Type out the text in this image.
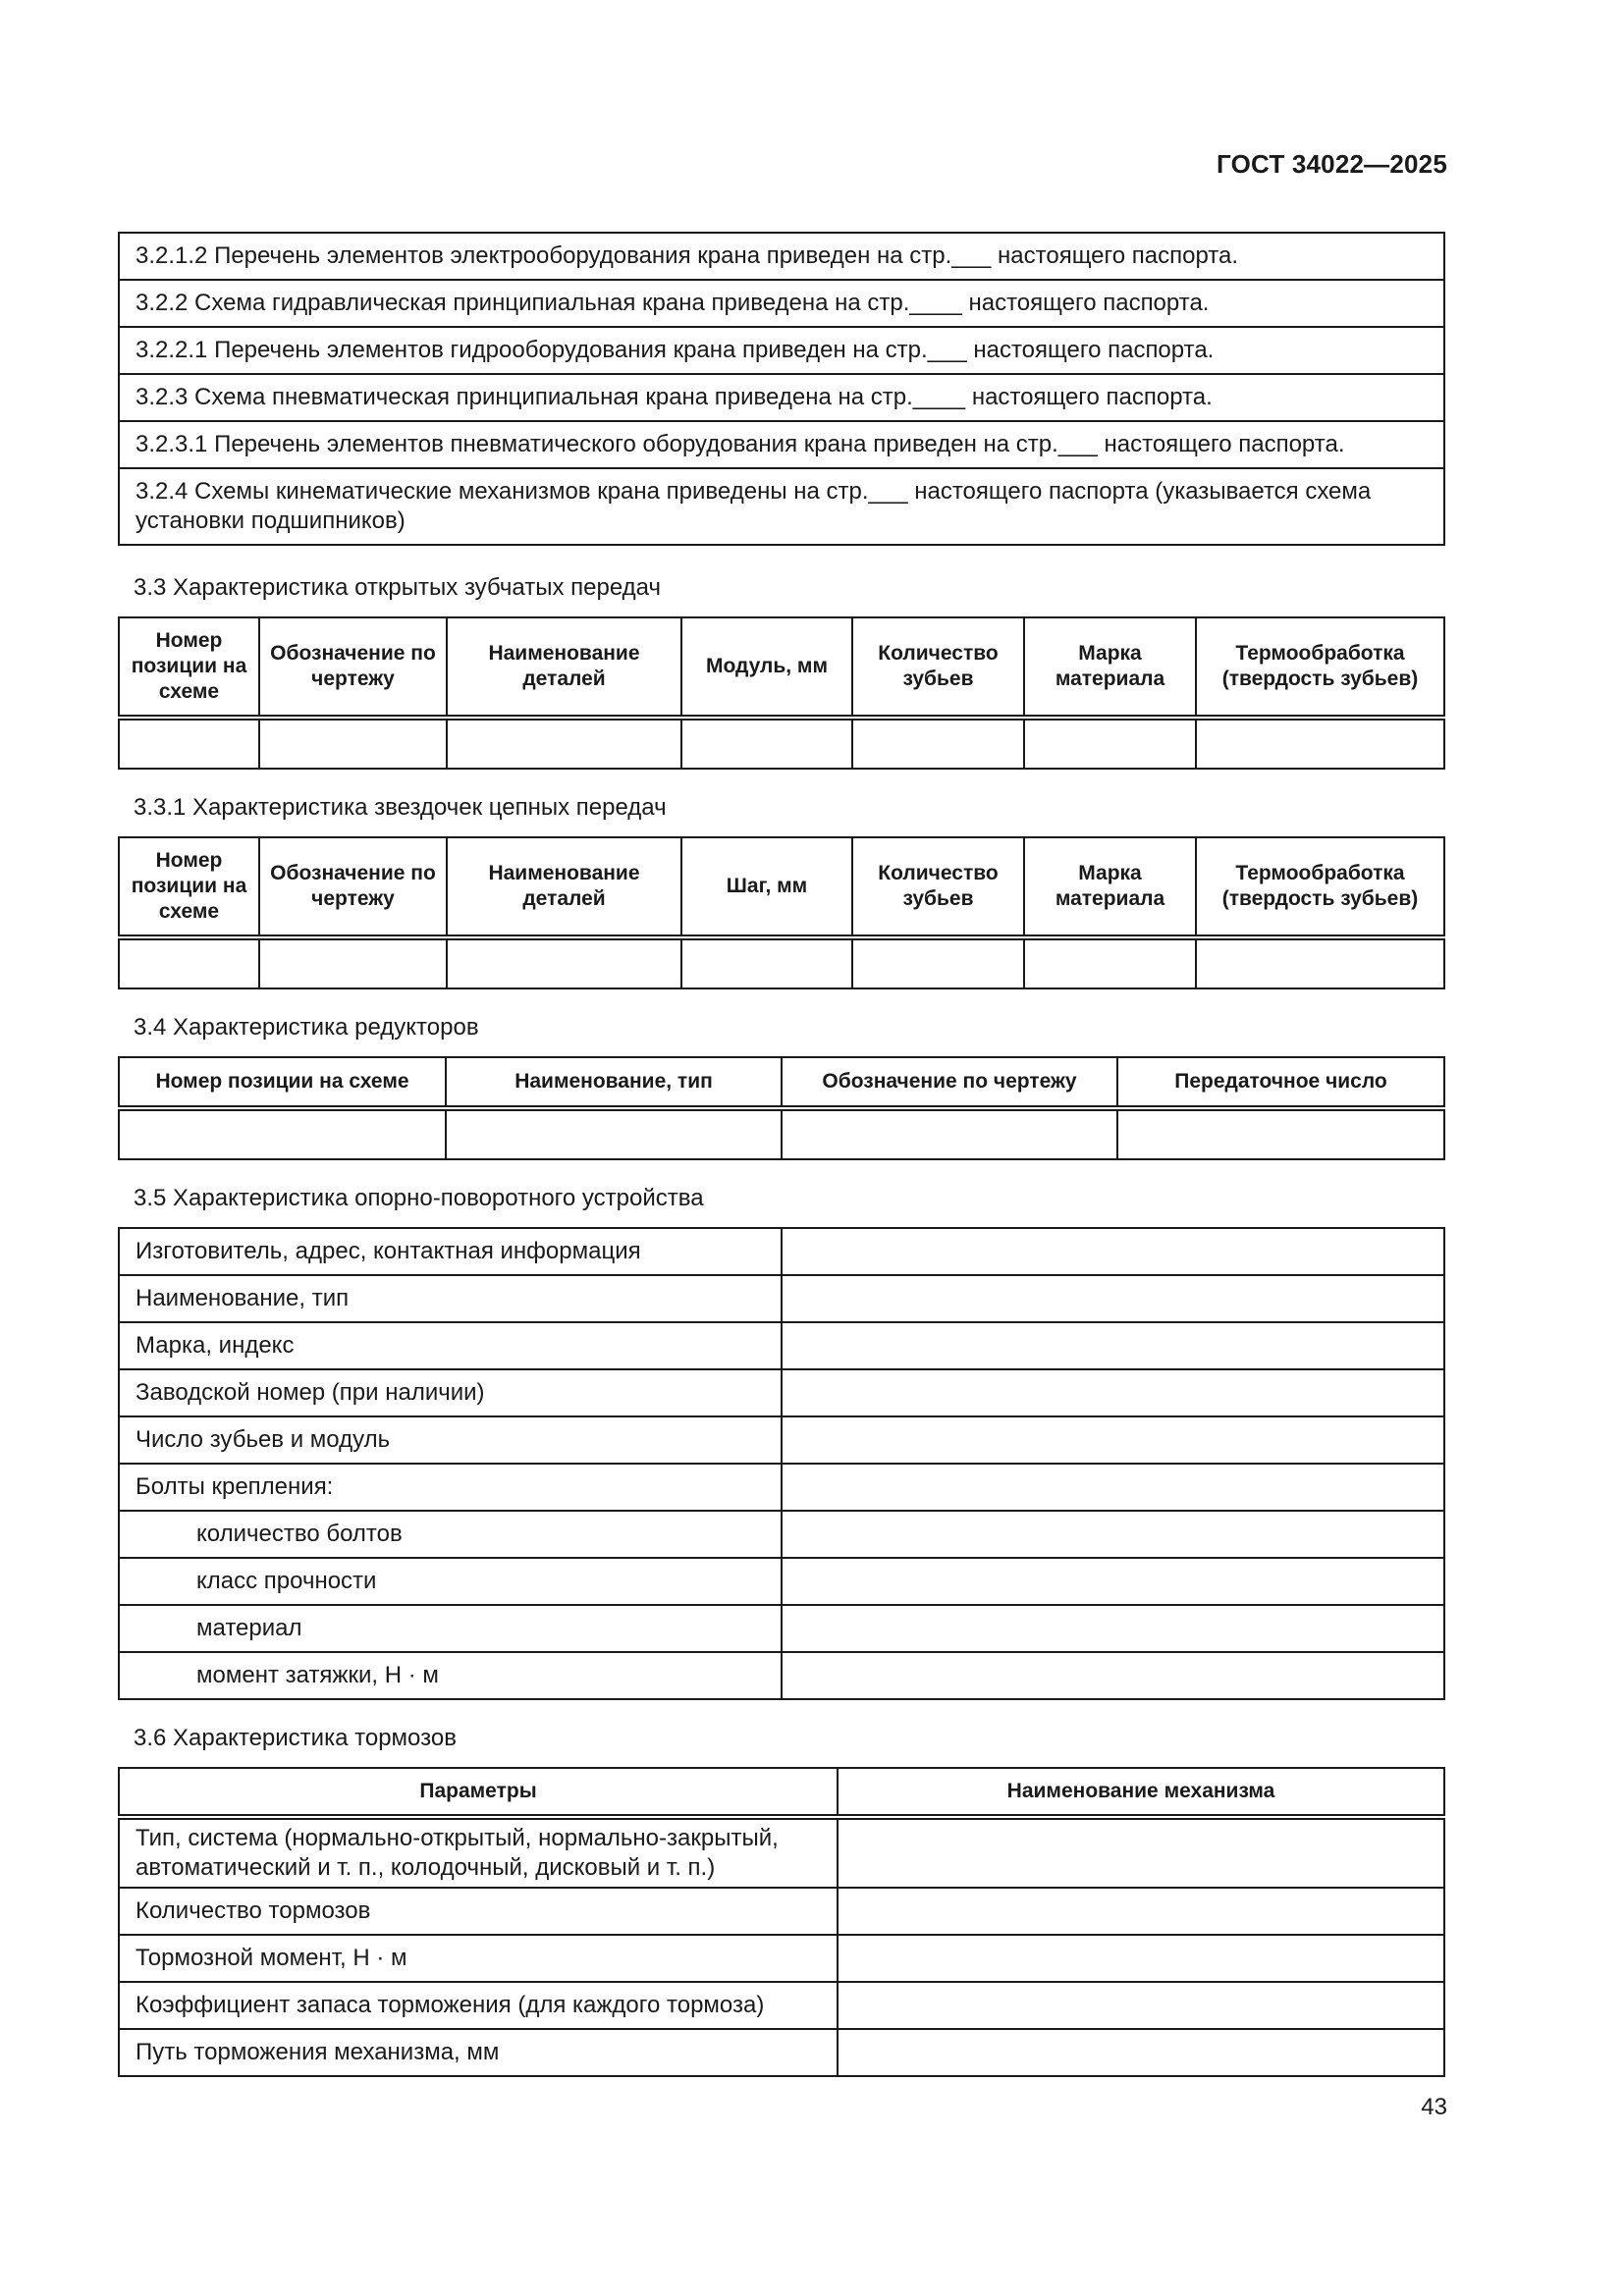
ГОСТ 34022—2025
3.2.1.2 Перечень элементов электрооборудования крана приведен на стр.___ настоящего паспорта.
3.2.2 Схема гидравлическая принципиальная крана приведена на стр.____ настоящего паспорта.
3.2.2.1 Перечень элементов гидрооборудования крана приведен на стр.___ настоящего паспорта.
3.2.3 Схема пневматическая принципиальная крана приведена на стр.____ настоящего паспорта.
3.2.3.1 Перечень элементов пневматического оборудования крана приведен на стр.___ настоящего паспорта.
3.2.4 Схемы кинематические механизмов крана приведены на стр.___ настоящего паспорта (указывается схема установки подшипников)
3.3 Характеристика открытых зубчатых передач
Номер позиции на схеме	Обозначение по чертежу	Наименование деталей	Модуль, мм	Количество зубьев	Марка материала	Термообработка (твердость зубьев)

3.3.1 Характеристика звездочек цепных передач
Номер позиции на схеме	Обозначение по чертежу	Наименование деталей	Шаг, мм	Количество зубьев	Марка материала	Термообработка (твердость зубьев)

3.4 Характеристика редукторов
Номер позиции на схеме	Наименование, тип	Обозначение по чертежу	Передаточное число

3.5 Характеристика опорно-поворотного устройства
Изготовитель, адрес, контактная информация	
Наименование, тип	
Марка, индекс	
Заводской номер (при наличии)	
Число зубьев и модуль	
Болты крепления:	
количество болтов	
класс прочности	
материал	
момент затяжки, Н · м	
3.6 Характеристика тормозов
Параметры	Наименование механизма
Тип, система (нормально-открытый, нормально-закрытый, автоматический и т. п., колодочный, дисковый и т. п.)	
Количество тормозов	
Тормозной момент, Н · м	
Коэффициент запаса торможения (для каждого тормоза)	
Путь торможения механизма, мм	
43
